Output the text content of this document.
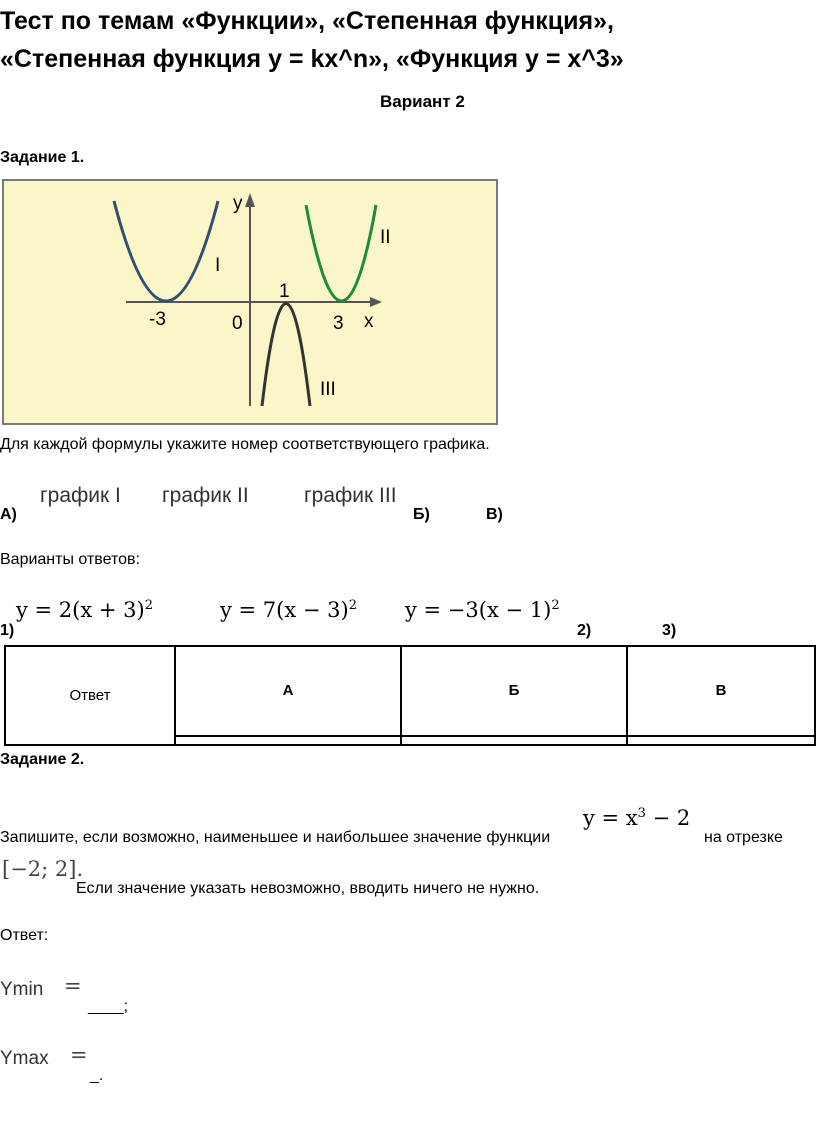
Тест по темам «Функции», «Степенная функция»,
«Степенная функция y = kx^n», «Функция y = x^3»
Вариант 2
Задание 1.
y
x
I
II
III
-3	0	3
1
Для каждой формулы укажите номер соответствующего графика.
А)
график I график II	график III
Б)	В)
Варианты ответов:
1)
$y = 2(x + 3)^2$	$y = 7(x - 3)^2$ $y = -3(x - 1)^2$
2)	3)
Ответ	А	Б	В

Задание 2.
Запишите, если возможно, наименьшее и наибольшее значение функции
$y = x^3 - 2$
на отрезке
[−2; 2].
Если значение указать невозможно, вводить ничего не нужно.
Ответ:
Ymin =
____;
Ymax =
_.
